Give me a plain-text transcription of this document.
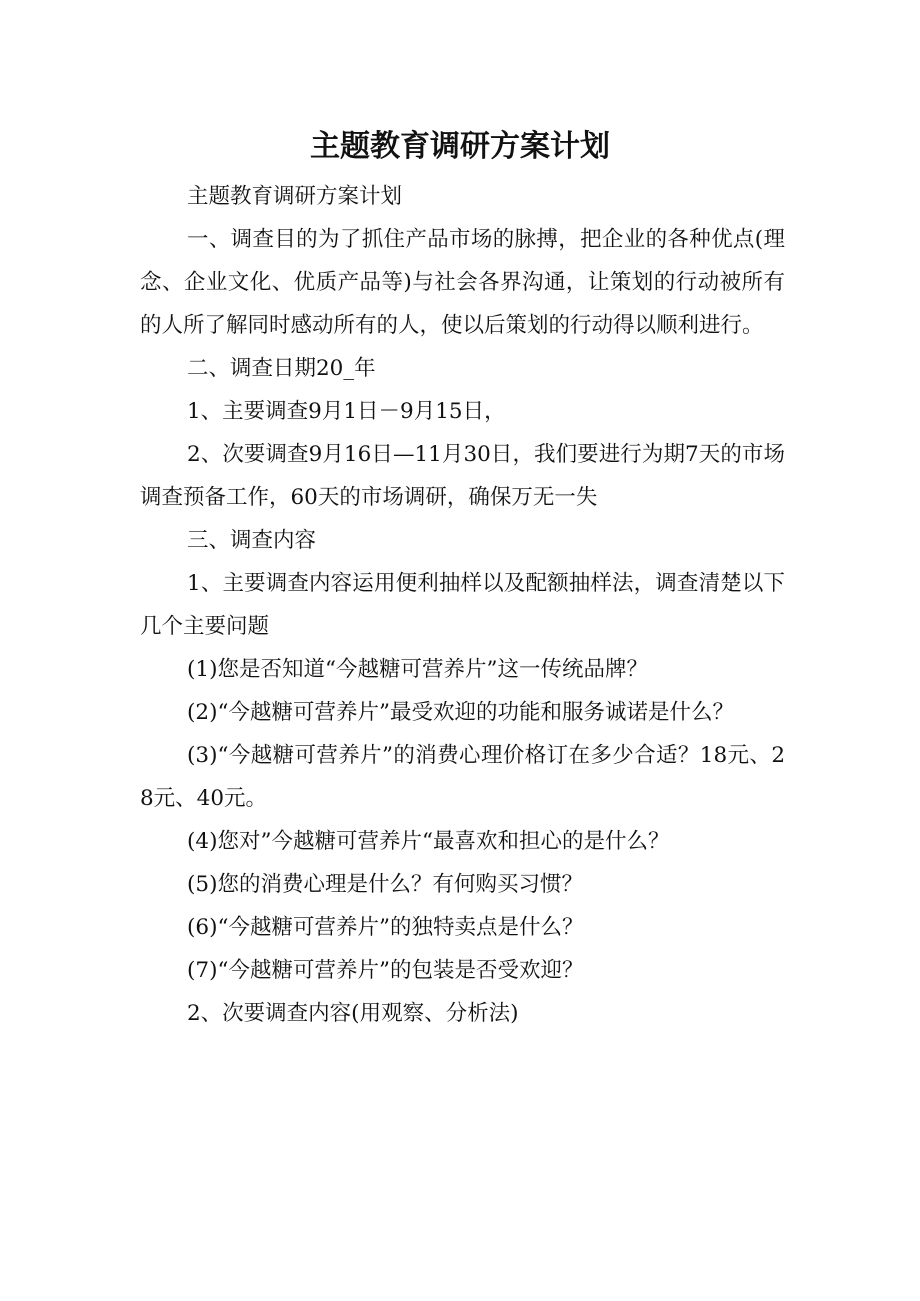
主题教育调研方案计划

主题教育调研方案计划

一、调查目的为了抓住产品市场的脉搏，把企业的各种优点(理念、企业文化、优质产品等)与社会各界沟通，让策划的行动被所有的人所了解同时感动所有的人，使以后策划的行动得以顺利进行。

二、调查日期20_年

1、主要调查9月1日－9月15日，

2、次要调查9月16日—11月30日，我们要进行为期7天的市场调查预备工作，60天的市场调研，确保万无一失

三、调查内容

1、主要调查内容运用便利抽样以及配额抽样法，调查清楚以下几个主要问题

(1)您是否知道“今越糖可营养片”这一传统品牌？

(2)“今越糖可营养片”最受欢迎的功能和服务诚诺是什么？

(3)“今越糖可营养片”的消费心理价格订在多少合适？18元、28元、40元。

(4)您对”今越糖可营养片“最喜欢和担心的是什么？

(5)您的消费心理是什么？有何购买习惯？

(6)“今越糖可营养片”的独特卖点是什么？

(7)“今越糖可营养片”的包装是否受欢迎？

2、次要调查内容(用观察、分析法)
